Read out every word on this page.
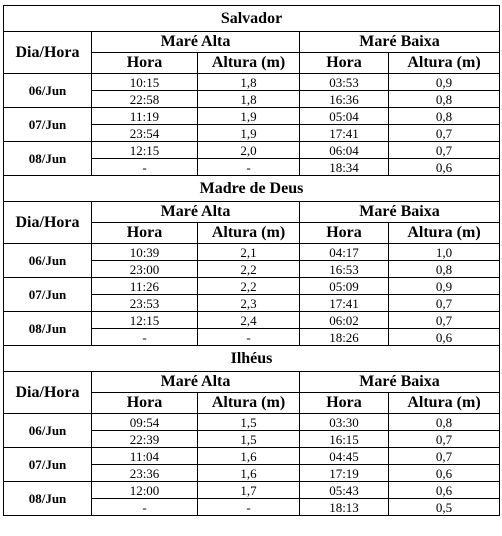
Salvador				
Dia/Hora	Maré Alta		Maré Baixa	
	Hora	Altura (m)	Hora	Altura (m)
06/Jun	10:15	1,8	03:53	0,9
	22:58	1,8	16:36	0,8
07/Jun	11:19	1,9	05:04	0,8
	23:54	1,9	17:41	0,7
08/Jun	12:15	2,0	06:04	0,7
	-	-	18:34	0,6
Madre de Deus				
Dia/Hora	Maré Alta		Maré Baixa	
	Hora	Altura (m)	Hora	Altura (m)
06/Jun	10:39	2,1	04:17	1,0
	23:00	2,2	16:53	0,8
07/Jun	11:26	2,2	05:09	0,9
	23:53	2,3	17:41	0,7
08/Jun	12:15	2,4	06:02	0,7
	-	-	18:26	0,6
Ilhéus				
Dia/Hora	Maré Alta		Maré Baixa	
	Hora	Altura (m)	Hora	Altura (m)
06/Jun	09:54	1,5	03:30	0,8
	22:39	1,5	16:15	0,7
07/Jun	11:04	1,6	04:45	0,7
	23:36	1,6	17:19	0,6
08/Jun	12:00	1,7	05:43	0,6
	-	-	18:13	0,5
